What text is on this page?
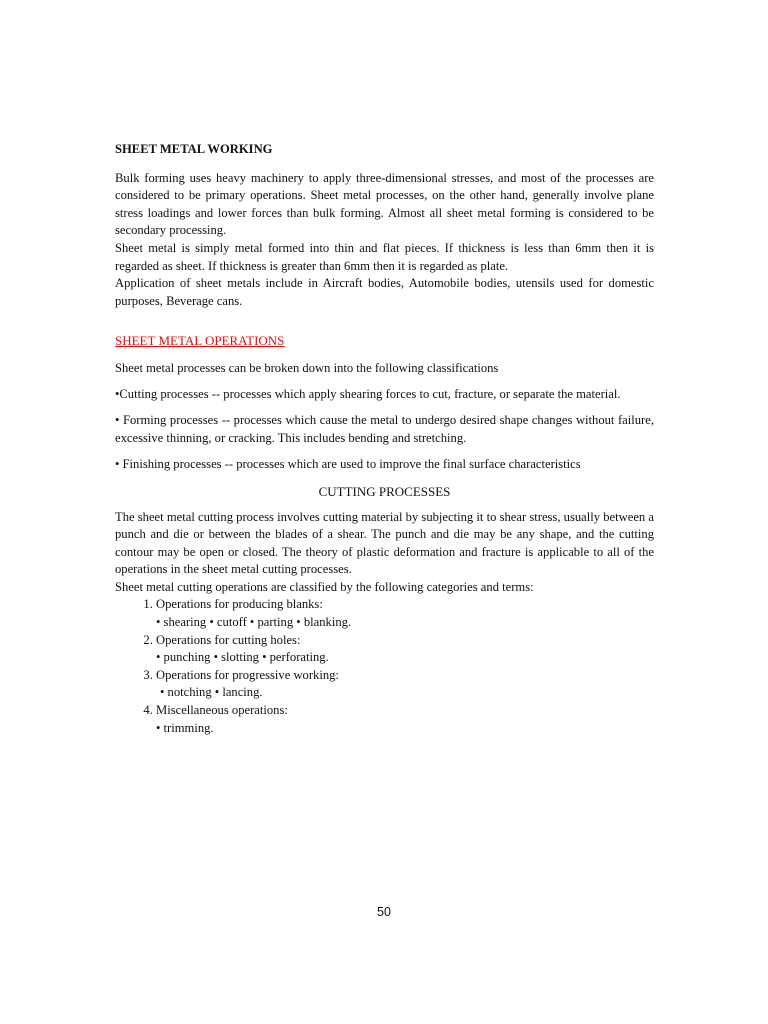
SHEET METAL WORKING

Bulk forming uses heavy machinery to apply three-dimensional stresses, and most of the processes are considered to be primary operations. Sheet metal processes, on the other hand, generally involve plane stress loadings and lower forces than bulk forming. Almost all sheet metal forming is considered to be secondary processing.

Sheet metal is simply metal formed into thin and flat pieces. If thickness is less than 6mm then it is regarded as sheet. If thickness is greater than 6mm then it is regarded as plate.

Application of sheet metals include in Aircraft bodies, Automobile bodies, utensils used for domestic purposes, Beverage cans.

SHEET METAL OPERATIONS

Sheet metal processes can be broken down into the following classifications

•Cutting processes -- processes which apply shearing forces to cut, fracture, or separate the material.

• Forming processes -- processes which cause the metal to undergo desired shape changes without failure, excessive thinning, or cracking. This includes bending and stretching.

• Finishing processes -- processes which are used to improve the final surface characteristics

CUTTING PROCESSES

The sheet metal cutting process involves cutting material by subjecting it to shear stress, usually between a punch and die or between the blades of a shear. The punch and die may be any shape, and the cutting contour may be open or closed. The theory of plastic deformation and fracture is applicable to all of the operations in the sheet metal cutting processes.

Sheet metal cutting operations are classified by the following categories and terms:

1. Operations for producing blanks:
• shearing • cutoff • parting • blanking.
2. Operations for cutting holes:
• punching • slotting • perforating.
3. Operations for progressive working:
• notching • lancing.
4. Miscellaneous operations:
• trimming.
50
